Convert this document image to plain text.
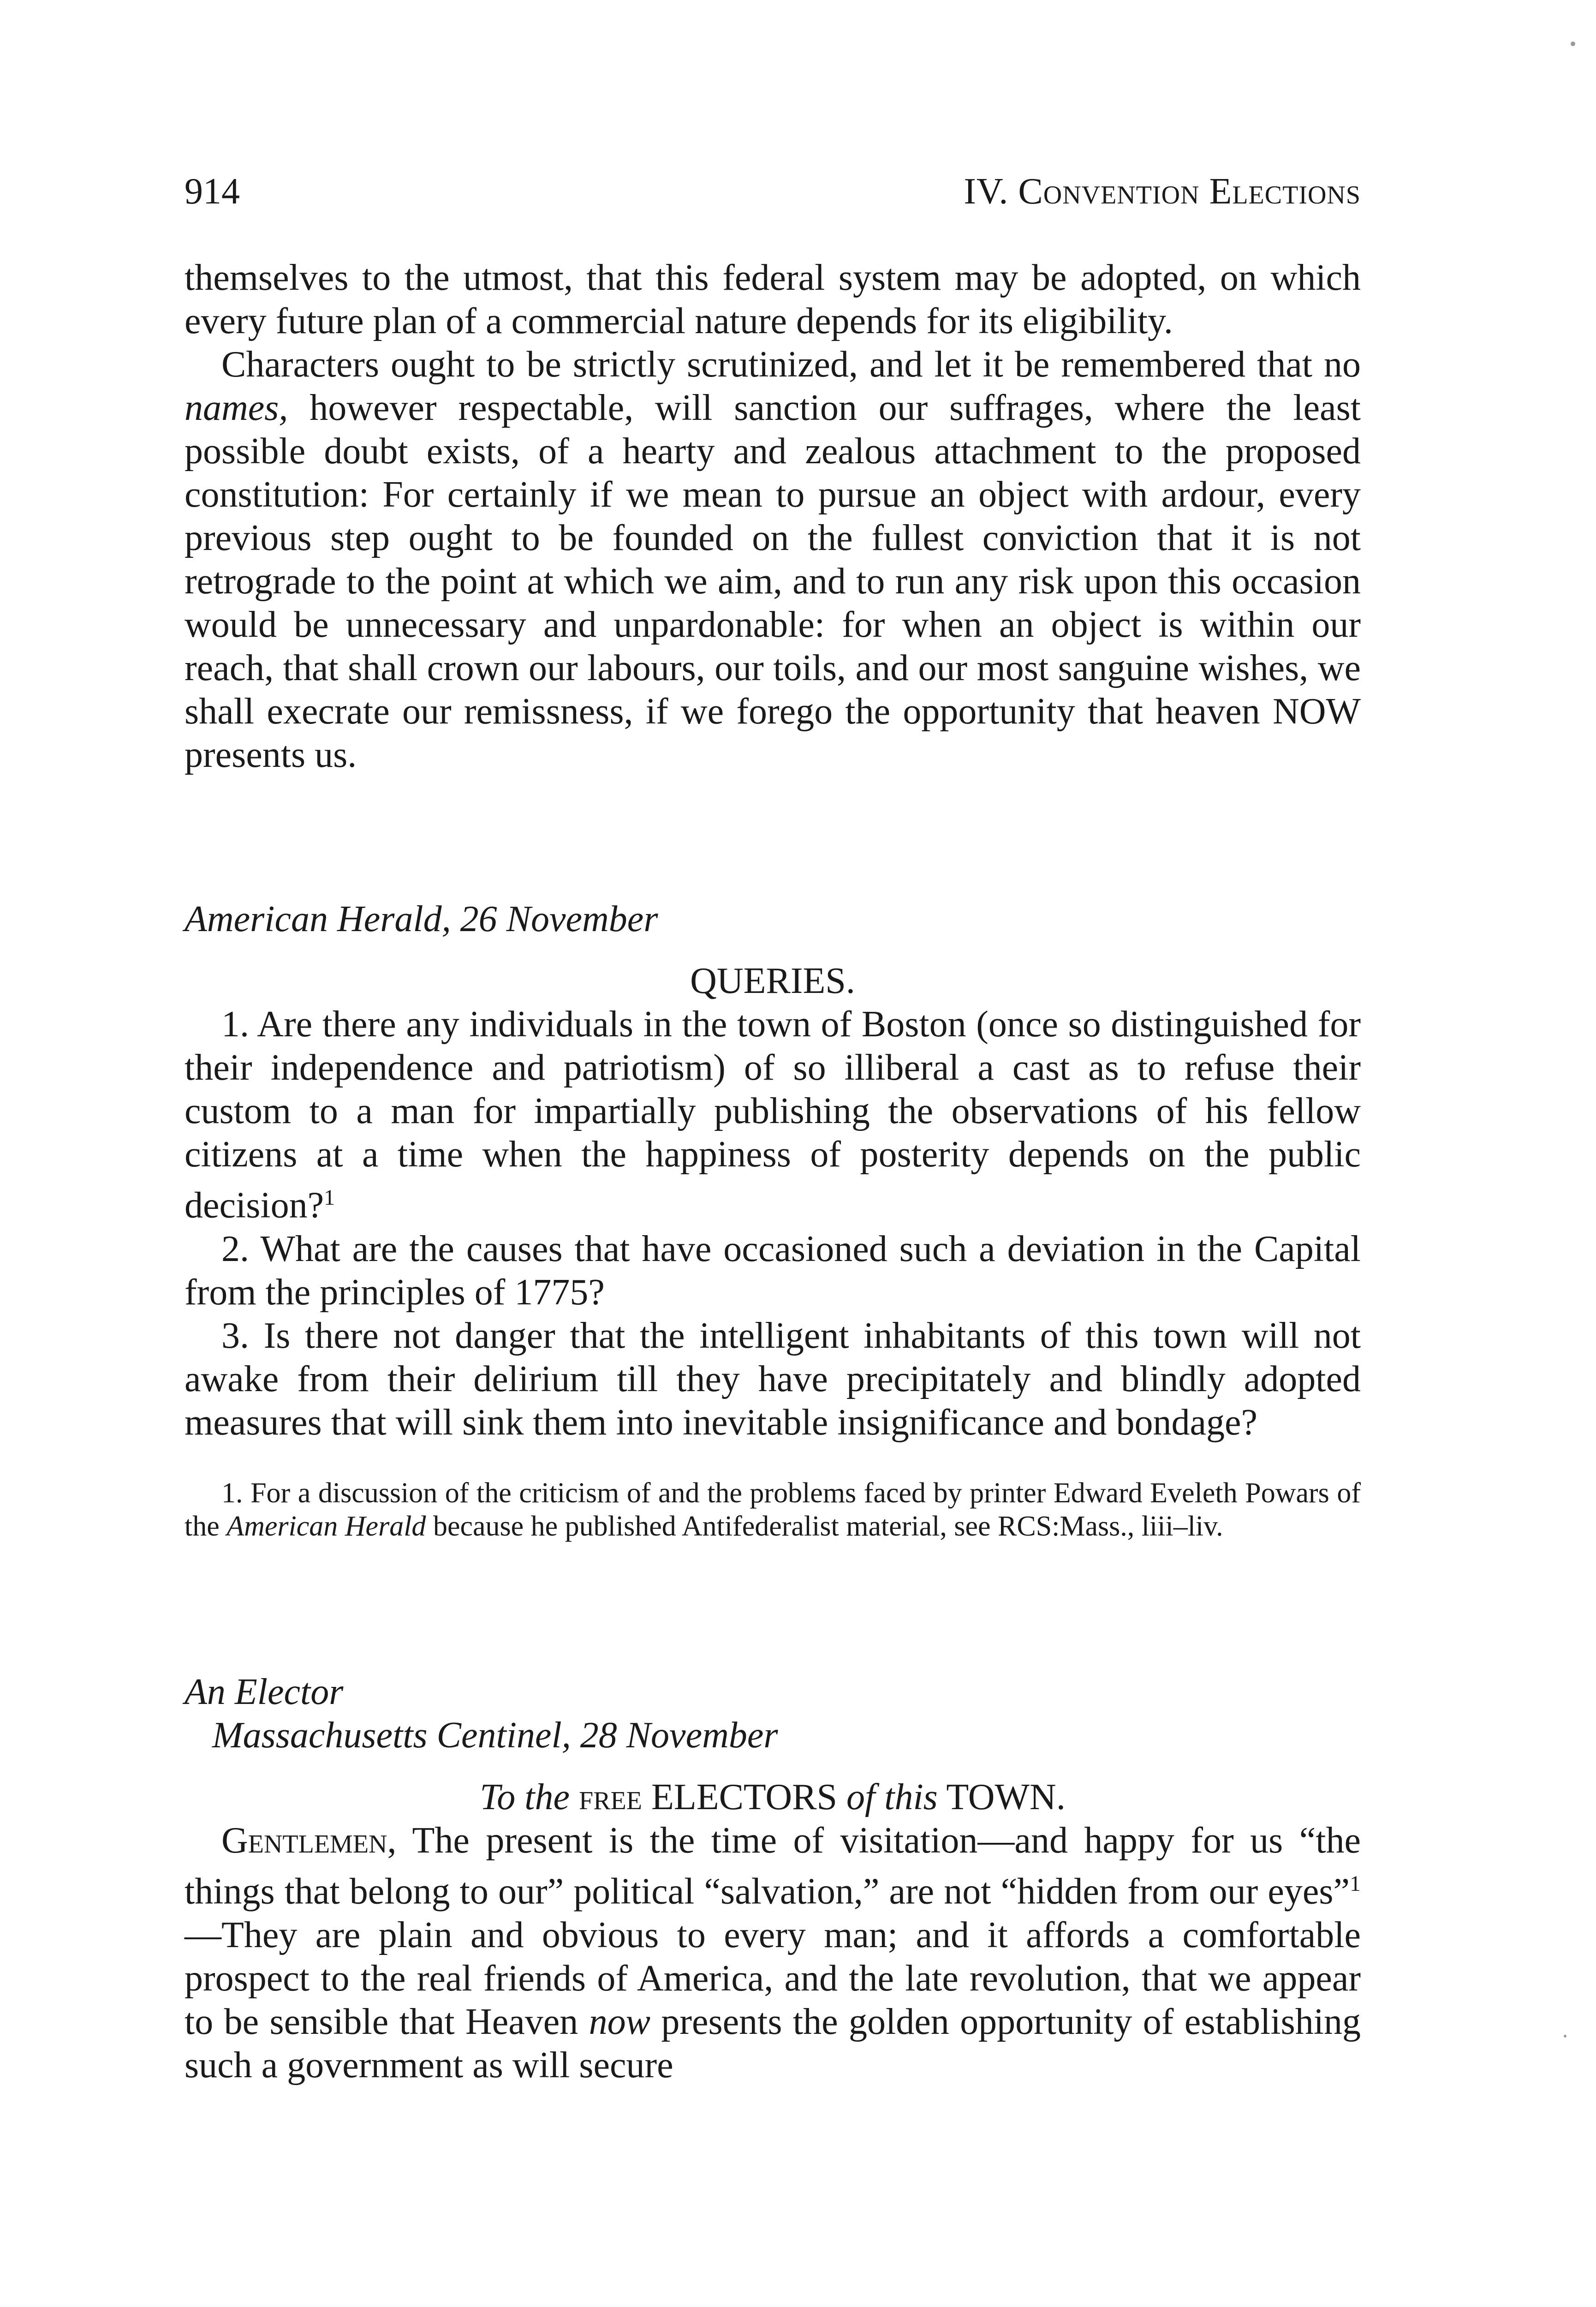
914	IV. Convention Elections

themselves to the utmost, that this federal system may be adopted, on which every future plan of a commercial nature depends for its eligibility.

Characters ought to be strictly scrutinized, and let it be remembered that no names, however respectable, will sanction our suffrages, where the least possible doubt exists, of a hearty and zealous attachment to the proposed constitution: For certainly if we mean to pursue an object with ardour, every previous step ought to be founded on the fullest conviction that it is not retrograde to the point at which we aim, and to run any risk upon this occasion would be unnecessary and unpardonable: for when an object is within our reach, that shall crown our labours, our toils, and our most sanguine wishes, we shall execrate our remissness, if we forego the opportunity that heaven NOW presents us.

American Herald, 26 November

QUERIES.

1. Are there any individuals in the town of Boston (once so distinguished for their independence and patriotism) of so illiberal a cast as to refuse their custom to a man for impartially publishing the observations of his fellow citizens at a time when the happiness of posterity depends on the public decision?$^1$

2. What are the causes that have occasioned such a deviation in the Capital from the principles of 1775?

3. Is there not danger that the intelligent inhabitants of this town will not awake from their delirium till they have precipitately and blindly adopted measures that will sink them into inevitable insignificance and bondage?

1. For a discussion of the criticism of and the problems faced by printer Edward Eveleth Powars of the American Herald because he published Antifederalist material, see RCS:Mass., liii–liv.

An Elector

Massachusetts Centinel, 28 November

To the free ELECTORS of this TOWN.

Gentlemen, The present is the time of visitation—and happy for us “the things that belong to our” political “salvation,” are not “hidden from our eyes”$^1$—They are plain and obvious to every man; and it affords a comfortable prospect to the real friends of America, and the late revolution, that we appear to be sensible that Heaven now presents the golden opportunity of establishing such a government as will secure
